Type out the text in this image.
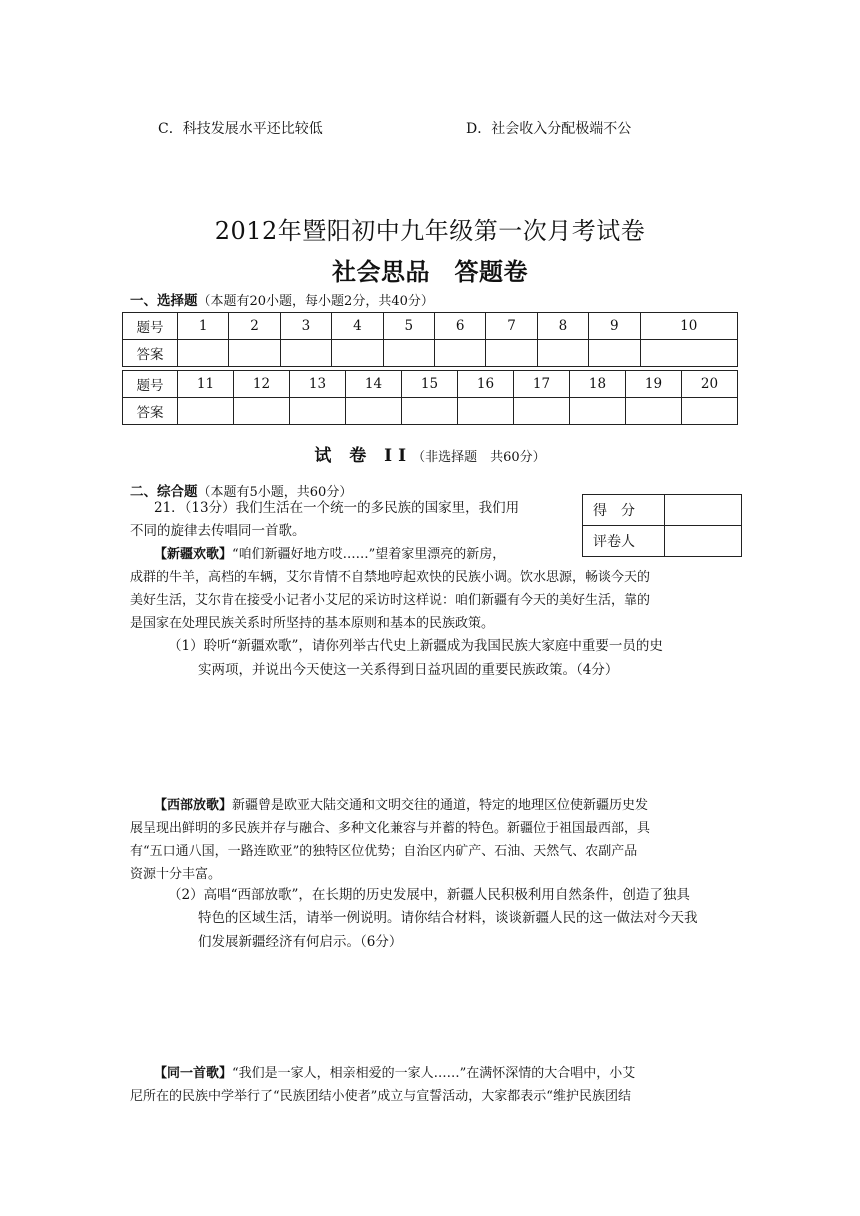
C．科技发展水平还比较低	D．社会收入分配极端不公
2012年暨阳初中九年级第一次月考试卷
社会思品　答题卷
一、选择题（本题有20小题，每小题2分，共40分）
题号	1	2	3	4	5	6	7	8	9	10
答案										
题号	11	12	13	14	15	16	17	18	19	20
答案										
试 卷 II（非选择题　共60分）
二、综合题（本题有5小题，共60分）
得　分	
评卷人	
21．（13分）我们生活在一个统一的多民族的国家里，我们用
不同的旋律去传唱同一首歌。
【新疆欢歌】“咱们新疆好地方哎……”望着家里漂亮的新房，
成群的牛羊，高档的车辆，艾尔肯情不自禁地哼起欢快的民族小调。饮水思源，畅谈今天的
美好生活，艾尔肯在接受小记者小艾尼的采访时这样说：咱们新疆有今天的美好生活，靠的
是国家在处理民族关系时所坚持的基本原则和基本的民族政策。
（1）聆听“新疆欢歌”，请你列举古代史上新疆成为我国民族大家庭中重要一员的史
实两项，并说出今天使这一关系得到日益巩固的重要民族政策。（4分）
【西部放歌】新疆曾是欧亚大陆交通和文明交往的通道，特定的地理区位使新疆历史发
展呈现出鲜明的多民族并存与融合、多种文化兼容与并蓄的特色。新疆位于祖国最西部，具
有“五口通八国，一路连欧亚”的独特区位优势；自治区内矿产、石油、天然气、农副产品
资源十分丰富。
（2）高唱“西部放歌”，在长期的历史发展中，新疆人民积极利用自然条件，创造了独具
特色的区域生活，请举一例说明。请你结合材料，谈谈新疆人民的这一做法对今天我
们发展新疆经济有何启示。（6分）
【同一首歌】“我们是一家人，相亲相爱的一家人……”在满怀深情的大合唱中，小艾
尼所在的民族中学举行了“民族团结小使者”成立与宣誓活动，大家都表示“维护民族团结
